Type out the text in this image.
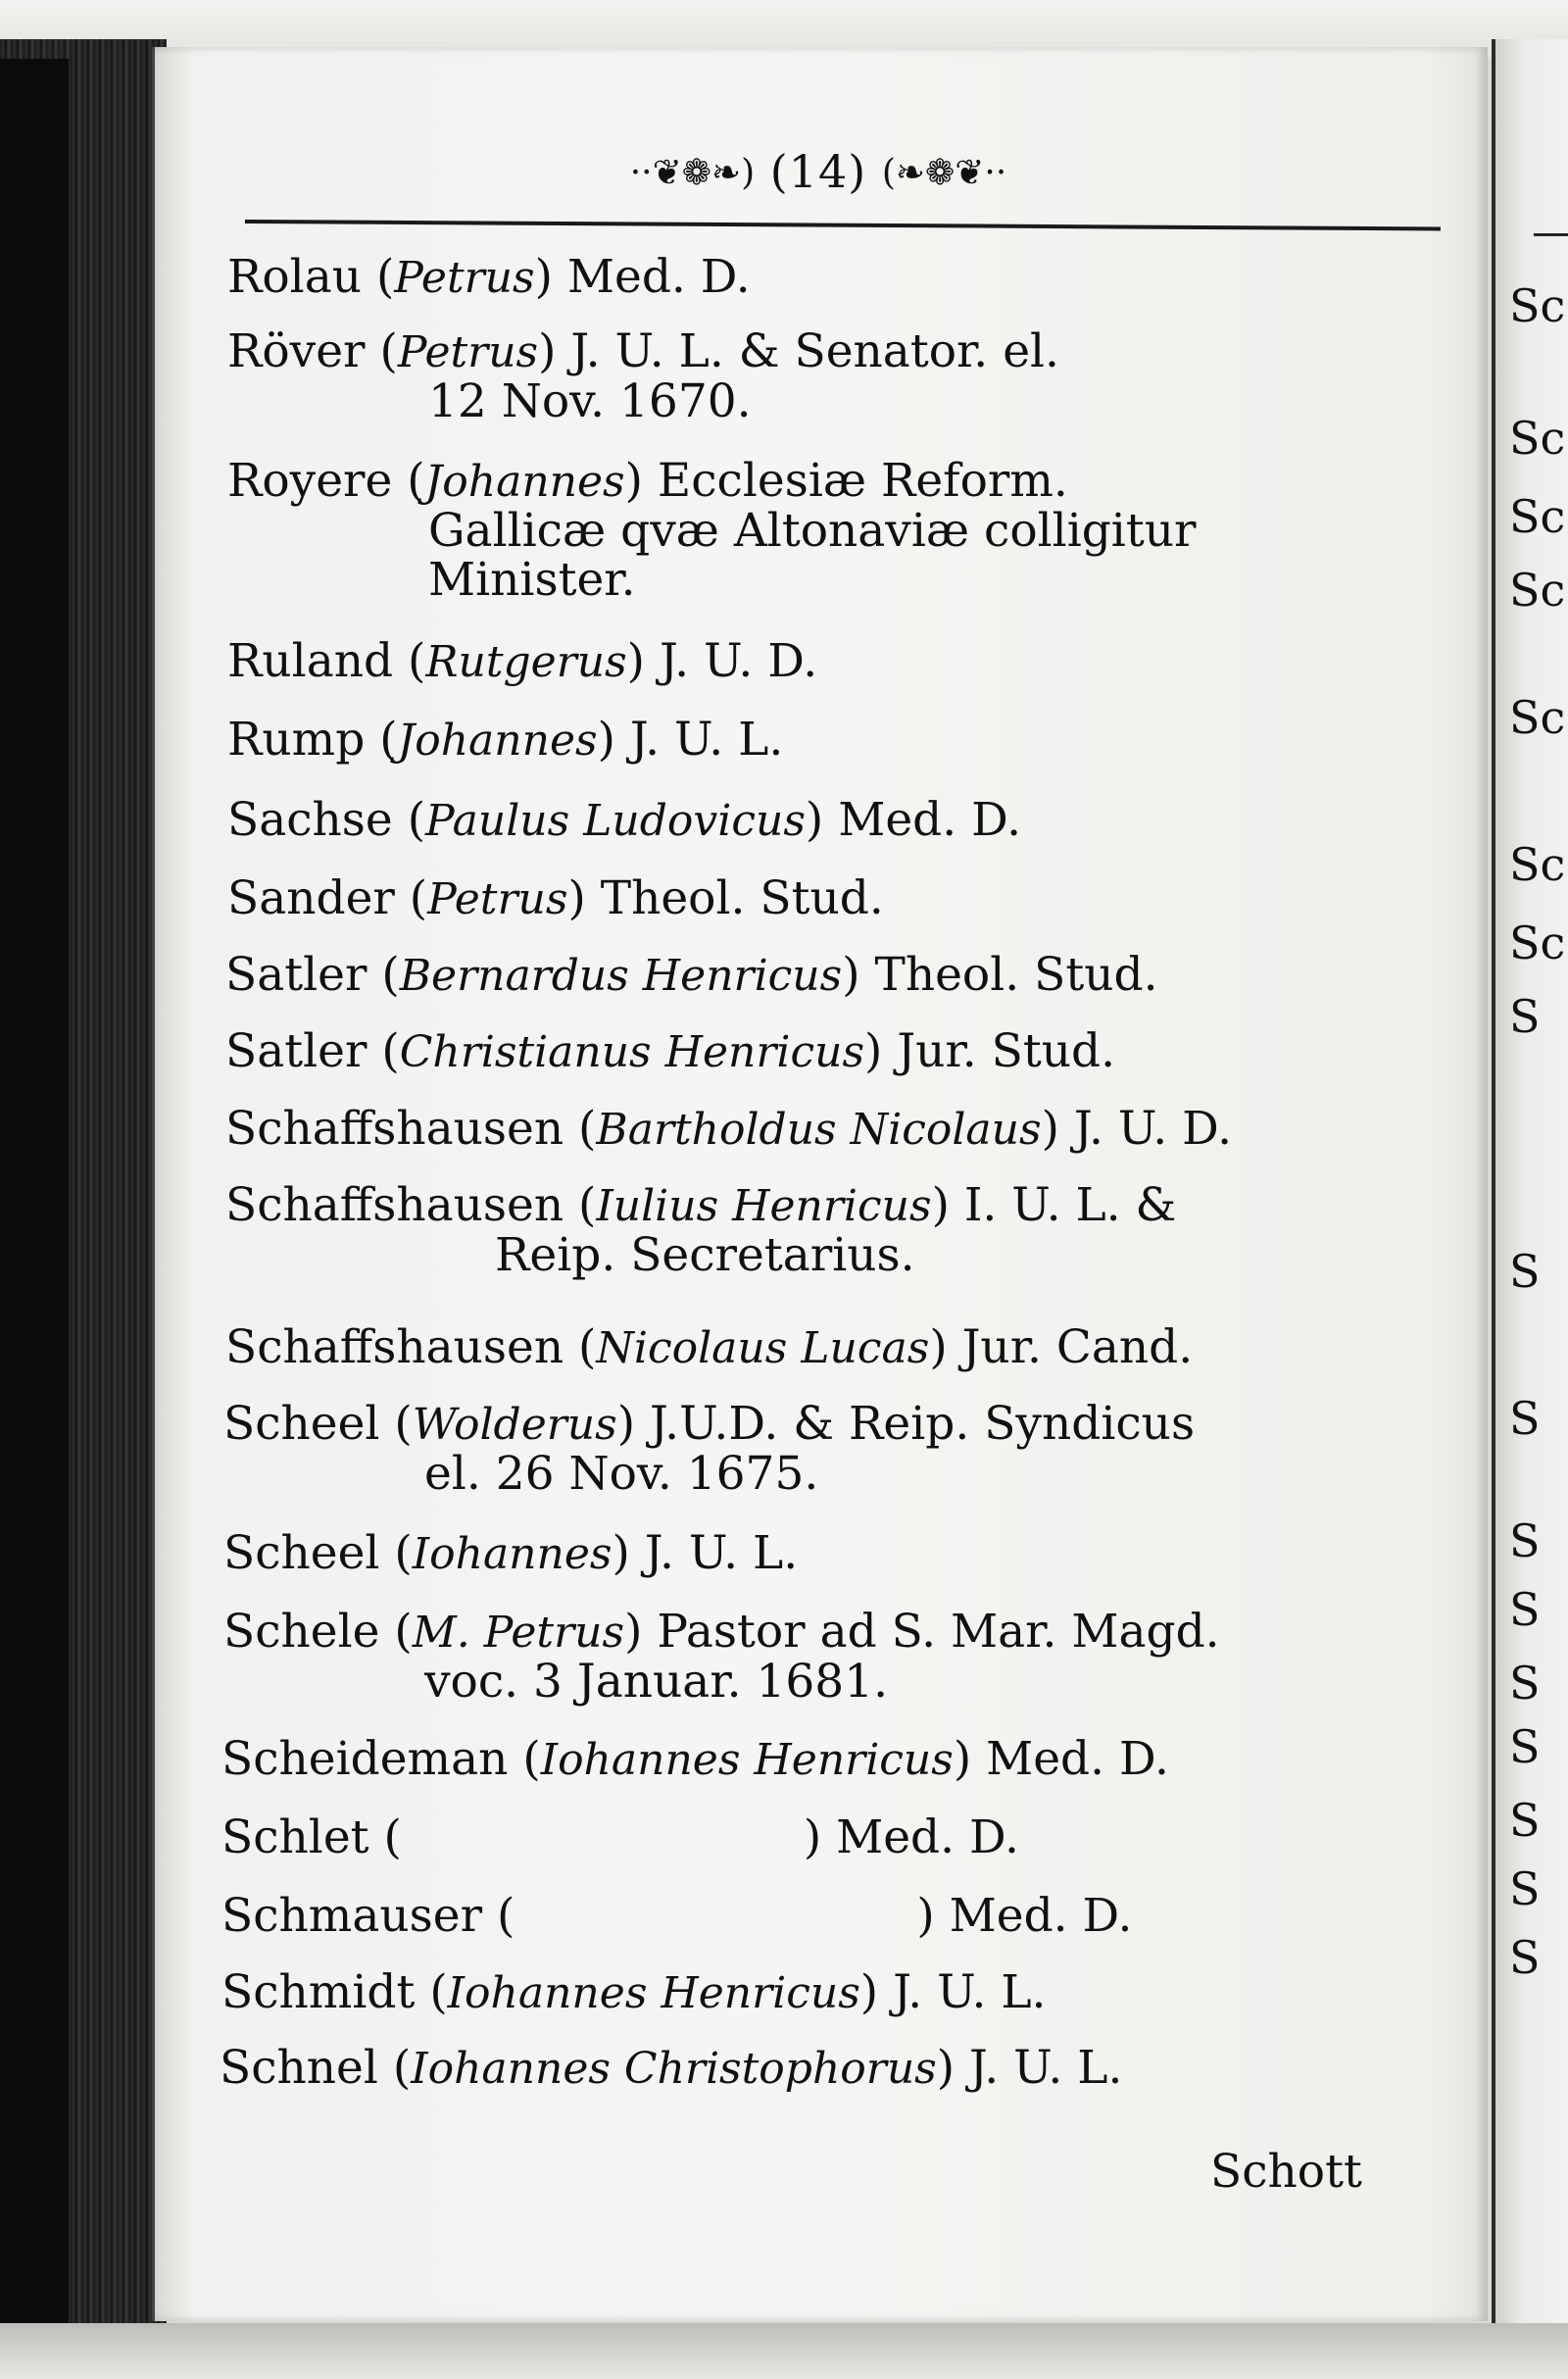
Sc
Sc
Sc
Sc
Sc
Sc
Sc
S
S
S
S
S
S
S
S
S
S
··❦❁❧) (14) (❧❁❦··
Rolau (Petrus) Med. D.
Röver (Petrus) J. U. L. & Senator. el.
12 Nov. 1670.
Royere (Johannes) Ecclesiæ Reform.
Gallicæ qvæ Altonaviæ colligitur
Minister.
Ruland (Rutgerus) J. U. D.
Rump (Johannes) J. U. L.
Sachse (Paulus Ludovicus) Med. D.
Sander (Petrus) Theol. Stud.
Satler (Bernardus Henricus) Theol. Stud.
Satler (Christianus Henricus) Jur. Stud.
Schaffshausen (Bartholdus Nicolaus) J. U. D.
Schaffshausen (Iulius Henricus) I. U. L. &
Reip. Secretarius.
Schaffshausen (Nicolaus Lucas) Jur. Cand.
Scheel (Wolderus) J.U.D. & Reip. Syndicus
el. 26 Nov. 1675.
Scheel (Iohannes) J. U. L.
Schele (M. Petrus) Pastor ad S. Mar. Magd.
voc. 3 Januar. 1681.
Scheideman (Iohannes Henricus) Med. D.
Schlet (	) Med. D.
Schmauser (	) Med. D.
Schmidt (Iohannes Henricus) J. U. L.
Schnel (Iohannes Christophorus) J. U. L.
Schott
